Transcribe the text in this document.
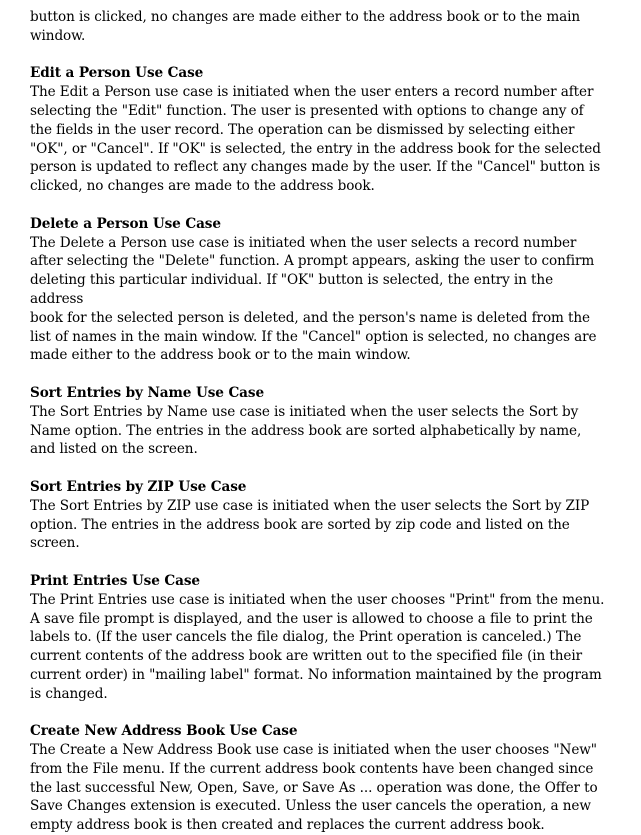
button is clicked, no changes are made either to the address book or to the main
window.

Edit a Person Use Case

The Edit a Person use case is initiated when the user enters a record number after
selecting the "Edit" function. The user is presented with options to change any of
the fields in the user record. The operation can be dismissed by selecting either
"OK", or "Cancel". If "OK" is selected, the entry in the address book for the selected
person is updated to reflect any changes made by the user. If the "Cancel" button is
clicked, no changes are made to the address book.

Delete a Person Use Case

The Delete a Person use case is initiated when the user selects a record number
after selecting the "Delete" function. A prompt appears, asking the user to confirm
deleting this particular individual. If "OK" button is selected, the entry in the address
book for the selected person is deleted, and the person's name is deleted from the
list of names in the main window. If the "Cancel" option is selected, no changes are
made either to the address book or to the main window.

Sort Entries by Name Use Case

The Sort Entries by Name use case is initiated when the user selects the Sort by
Name option. The entries in the address book are sorted alphabetically by name,
and listed on the screen.

Sort Entries by ZIP Use Case

The Sort Entries by ZIP use case is initiated when the user selects the Sort by ZIP
option. The entries in the address book are sorted by zip code and listed on the
screen.

Print Entries Use Case

The Print Entries use case is initiated when the user chooses "Print" from the menu.
A save file prompt is displayed, and the user is allowed to choose a file to print the
labels to. (If the user cancels the file dialog, the Print operation is canceled.) The
current contents of the address book are written out to the specified file (in their
current order) in "mailing label" format. No information maintained by the program
is changed.

Create New Address Book Use Case

The Create a New Address Book use case is initiated when the user chooses "New"
from the File menu. If the current address book contents have been changed since
the last successful New, Open, Save, or Save As ... operation was done, the Offer to
Save Changes extension is executed. Unless the user cancels the operation, a new
empty address book is then created and replaces the current address book.
